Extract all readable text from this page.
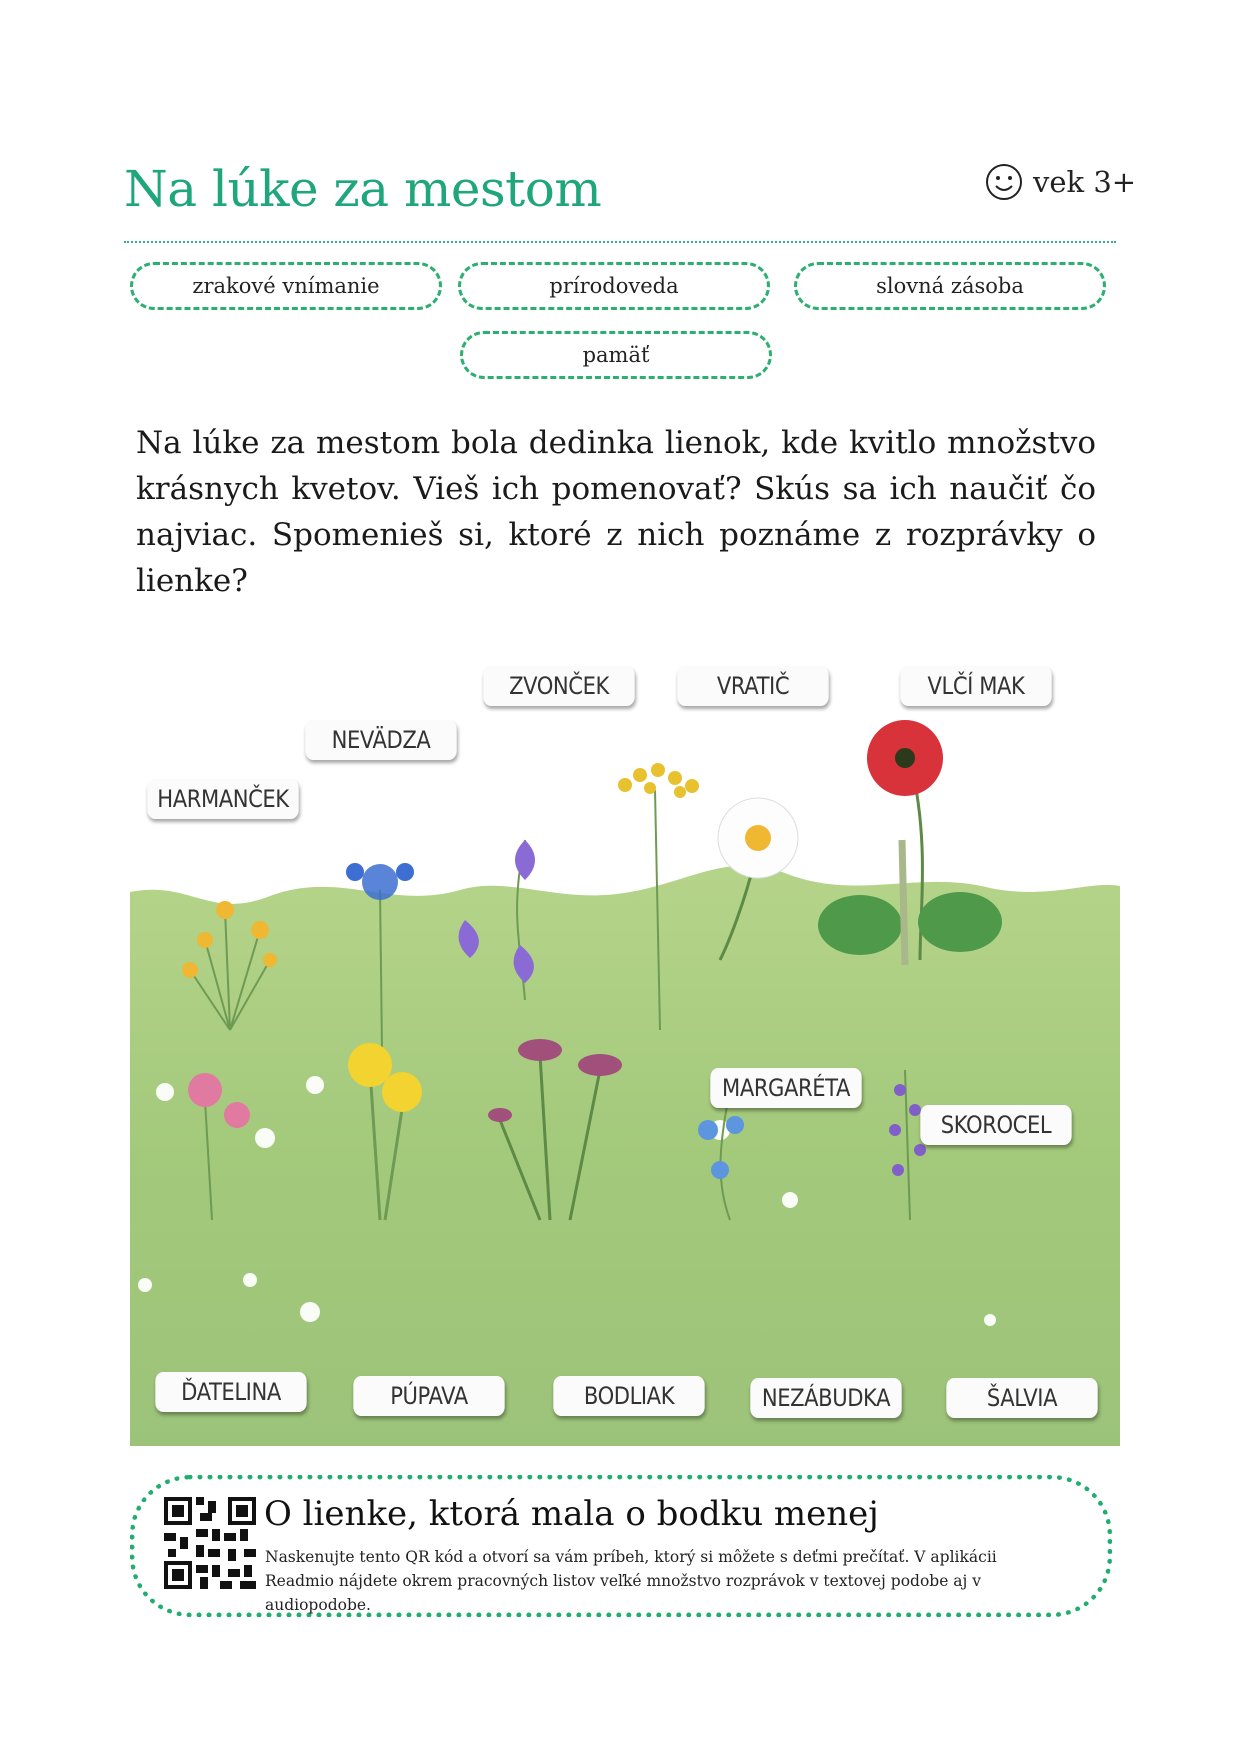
Na lúke za mestom	vek 3+
zrakové vnímanie	prírodoveda	slovná zásoba
pamäť

Na lúke za mestom bola dedinka lienok, kde kvitlo množstvo krásnych kvetov. Vieš ich pomenovať? Skús sa ich naučiť čo najviac. Spomenieš si, ktoré z nich poznáme z rozprávky o lienke?

ZVONČEK	VRATIČ	VLČÍ MAK
NEVÄDZA
HARMANČEK
MARGARÉTA
SKOROCEL
ĎATELINA	PÚPAVA	BODLIAK	NEZÁBUDKA	ŠALVIA
O lienke, ktorá mala o bodku menej

Naskenujte tento QR kód a otvorí sa vám príbeh, ktorý si môžete s deťmi prečítať. V aplikácii Readmio nájdete okrem pracovných listov veľké množstvo rozprávok v textovej podobe aj v audiopodobe.
